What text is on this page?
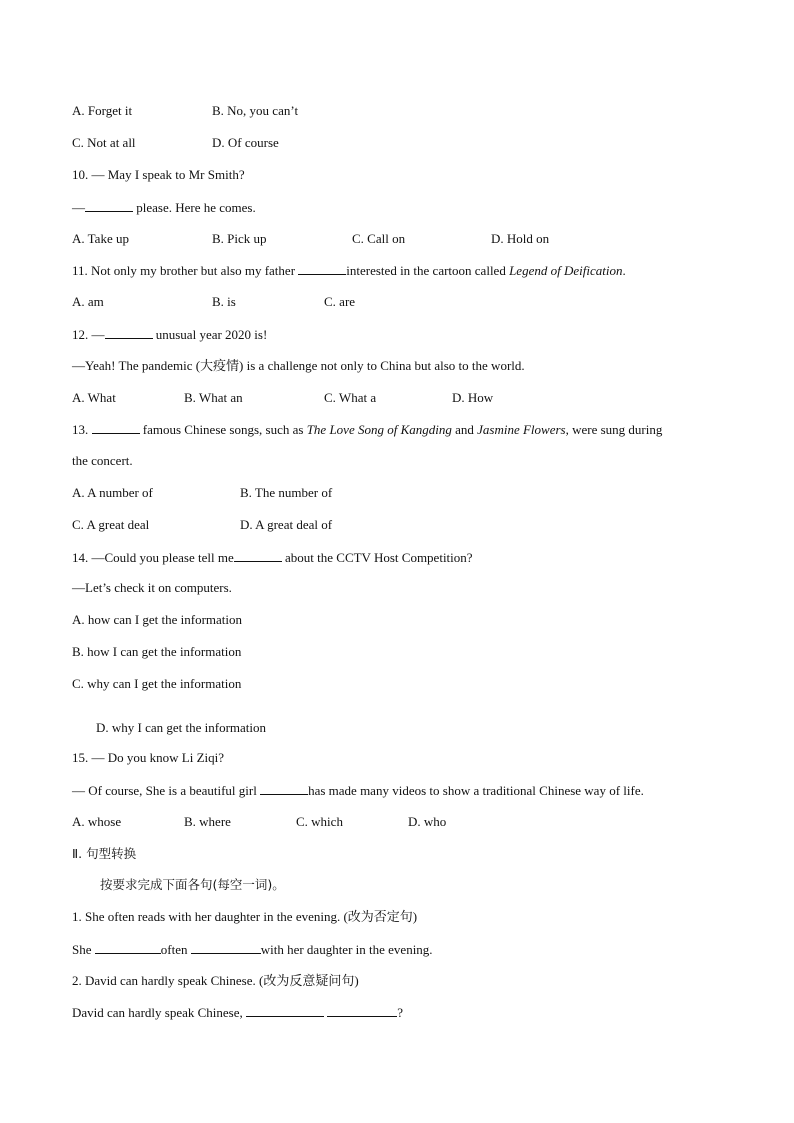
A. Forget it	B. No, you can’t
C. Not at all	D. Of course
10. — May I speak to Mr Smith?
—	please. Here he comes.
A. Take up	B. Pick up	C. Call on	D. Hold on
11. Not only my brother but also my father	interested in the cartoon called Legend of Deification.
A. am	B. is	C. are
12. —	unusual year 2020 is!
—Yeah! The pandemic (大疫情) is a challenge not only to China but also to the world.
A. What	B. What an	C. What a	D. How
13.	famous Chinese songs, such as The Love Song of Kangding and Jasmine Flowers, were sung during
the concert.
A. A number of	B. The number of
C. A great deal	D. A great deal of
14. —Could you please tell me	about the CCTV Host Competition?
—Let’s check it on computers.
A. how can I get the information
B. how I can get the information
C. why can I get the information
D. why I can get the information
15. — Do you know Li Ziqi?
— Of course, She is a beautiful girl	has made many videos to show a traditional Chinese way of life.
A. whose	B. where	C. which	D. who
Ⅱ. 句型转换
按要求完成下面各句(每空一词)。
1. She often reads with her daughter in the evening. (改为否定句)
She	often	with her daughter in the evening.
2. David can hardly speak Chinese. (改为反意疑问句)
David can hardly speak Chinese,	?
